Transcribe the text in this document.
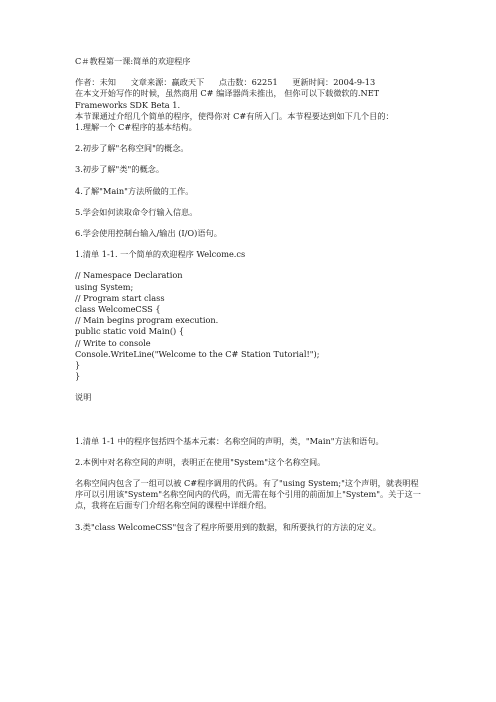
C＃教程第一课:简单的欢迎程序

作者：未知 文章来源：赢政天下 点击数：62251 更新时间：2004-9-13

在本文开始写作的时候，虽然商用 C# 编译器尚未推出， 但你可以下载微软的.NET Frameworks SDK Beta 1.

本节课通过介绍几个简单的程序，使得你对 C#有所入门。本节程要达到如下几个目的：

1.理解一个 C#程序的基本结构。

2.初步了解"名称空间"的概念。

3.初步了解"类"的概念。

4.了解"Main"方法所做的工作。

5.学会如何读取命令行输入信息。

6.学会使用控制台输入/输出 (I/O)语句。

1.清单 1-1. 一个简单的欢迎程序 Welcome.cs

// Namespace Declaration

using System;

// Program start class

class WelcomeCSS {

// Main begins program execution.

public static void Main() {

// Write to console

Console.WriteLine("Welcome to the C# Station Tutorial!");

}

}

说明

1.清单 1-1 中的程序包括四个基本元素：名称空间的声明，类，"Main"方法和语句。

2.本例中对名称空间的声明，表明正在使用"System"这个名称空间。

名称空间内包含了一组可以被 C#程序调用的代码。有了"using System;"这个声明，就表明程序可以引用该"System"名称空间内的代码，而无需在每个引用的前面加上"System"。关于这一点，我将在后面专门介绍名称空间的课程中详细介绍。

3.类"class WelcomeCSS"包含了程序所要用到的数据，和所要执行的方法的定义。
